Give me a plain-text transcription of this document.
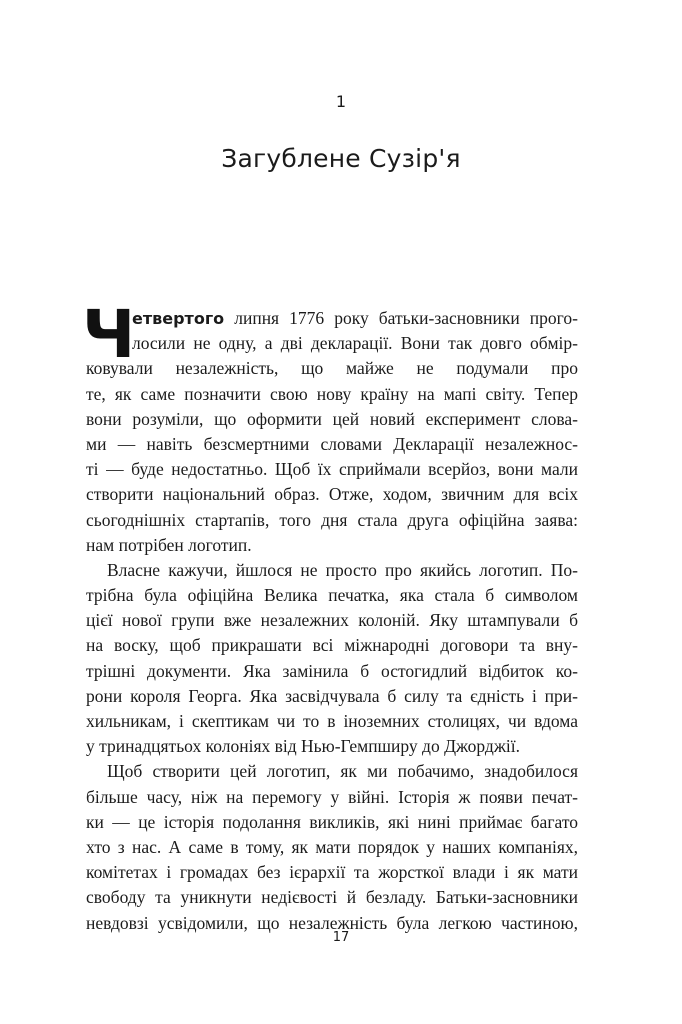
1
Загублене Сузір'я
Ч
етвертого липня 1776 року батьки-засновники прого-
лосили не одну, а дві декларації. Вони так довго обмір-
ковували незалежність, що майже не подумали про
те, як саме позначити свою нову країну на мапі світу. Тепер
вони розуміли, що оформити цей новий експеримент слова-
ми — навіть безсмертними словами Декларації незалежнос-
ті — буде недостатньо. Щоб їх сприймали всерйоз, вони мали
створити національний образ. Отже, ходом, звичним для всіх
сьогоднішніх стартапів, того дня стала друга офіційна заява:
нам потрібен логотип.
Власне кажучи, йшлося не просто про якийсь логотип. По-
трібна була офіційна Велика печатка, яка стала б символом
цієї нової групи вже незалежних колоній. Яку штампували б
на воску, щоб прикрашати всі міжнародні договори та вну-
трішні документи. Яка замінила б остогидлий відбиток ко-
рони короля Георга. Яка засвідчувала б силу та єдність і при-
хильникам, і скептикам чи то в іноземних столицях, чи вдома
у тринадцятьох колоніях від Нью-Гемпширу до Джорджії.
Щоб створити цей логотип, як ми побачимо, знадобилося
більше часу, ніж на перемогу у війні. Історія ж появи печат-
ки — це історія подолання викликів, які нині приймає багато
хто з нас. А саме в тому, як мати порядок у наших компаніях,
комітетах і громадах без ієрархії та жорсткої влади і як мати
свободу та уникнути недієвості й безладу. Батьки-засновники
невдовзі усвідомили, що незалежність була легкою частиною,
17
